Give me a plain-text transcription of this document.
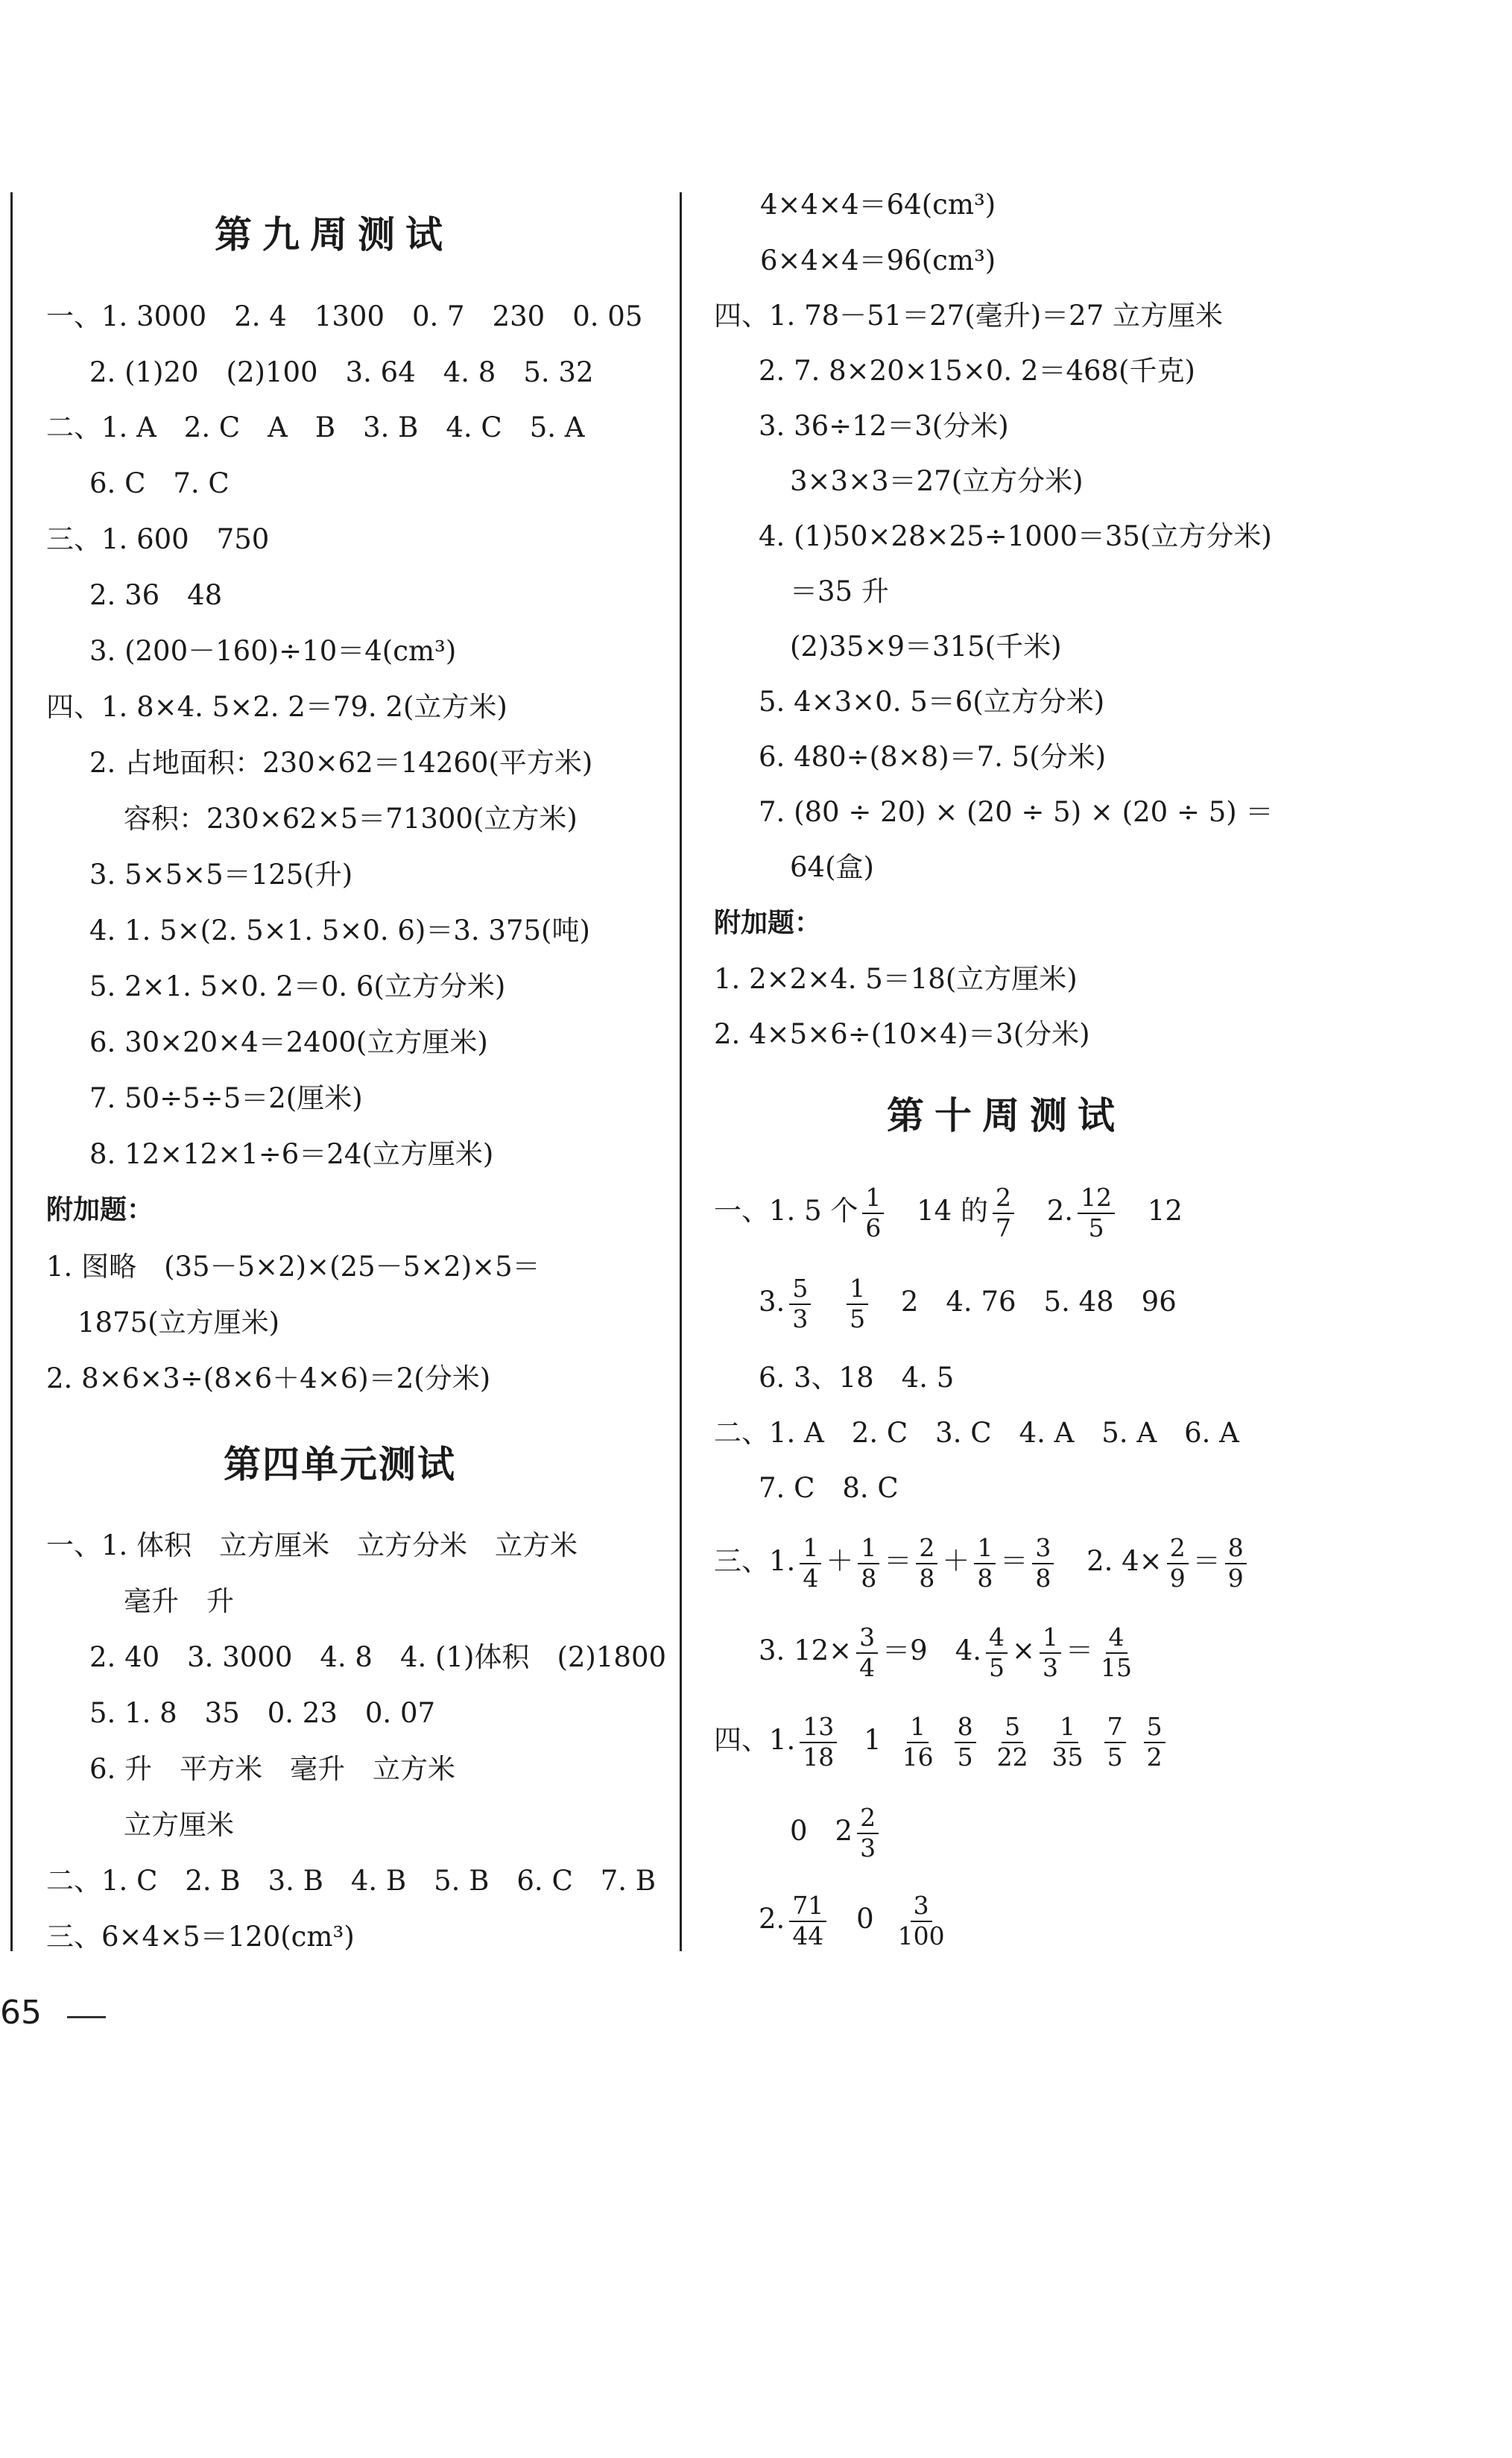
第九周测试
一、1. 3000　2. 4　1300　0. 7　230　0. 05
2. (1)20　(2)100　3. 64　4. 8　5. 32
二、1. A　2. C　A　B　3. B　4. C　5. A
6. C　7. C
三、1. 600　750
2. 36　48
3. (200－160)÷10＝4(cm³)
四、1. 8×4. 5×2. 2＝79. 2(立方米)
2. 占地面积：230×62＝14260(平方米)
容积：230×62×5＝71300(立方米)
3. 5×5×5＝125(升)
4. 1. 5×(2. 5×1. 5×0. 6)＝3. 375(吨)
5. 2×1. 5×0. 2＝0. 6(立方分米)
6. 30×20×4＝2400(立方厘米)
7. 50÷5÷5＝2(厘米)
8. 12×12×1÷6＝24(立方厘米)
附加题：
1. 图略　(35－5×2)×(25－5×2)×5＝
1875(立方厘米)
2. 8×6×3÷(8×6＋4×6)＝2(分米)
第四单元测试
一、1. 体积　立方厘米　立方分米　立方米
毫升　升
2. 40　3. 3000　4. 8　4. (1)体积　(2)1800
5. 1. 8　35　0. 23　0. 07
6. 升　平方米　毫升　立方米
立方厘米
二、1. C　2. B　3. B　4. B　5. B　6. C　7. B
三、6×4×5＝120(cm³)
4×4×4＝64(cm³)
6×4×4＝96(cm³)
四、1. 78－51＝27(毫升)＝27 立方厘米
2. 7. 8×20×15×0. 2＝468(千克)
3. 36÷12＝3(分米)
3×3×3＝27(立方分米)
4. (1)50×28×25÷1000＝35(立方分米)
＝35 升
(2)35×9＝315(千米)
5. 4×3×0. 5＝6(立方分米)
6. 480÷(8×8)＝7. 5(分米)
7. (80 ÷ 20) × (20 ÷ 5) × (20 ÷ 5) ＝
64(盒)
附加题：
1. 2×2×4. 5＝18(立方厘米)
2. 4×5×6÷(10×4)＝3(分米)
第十周测试
一、1. 5 个 $\frac{1}{6} 14$ 的 $\frac{2}{7} 2$. $\frac{12}{5} 12$
3. $\frac{5}{3}$
$\frac{1}{5} 2$　4. 76　5. 48　96
6. 3、18　4. 5
二、1. A　2. C　3. C　4. A　5. A　6. A
7. C　8. C
三、1. $\frac{1}{4} + \frac{1}{8} = \frac{2}{8} + \frac{1}{8} = \frac{3}{8} 2$. $4\times \frac{2}{9} = \frac{8}{9}$
3. $12\times \frac{3}{4} =9$　4. $\frac{4}{5} \times \frac{1}{3} = \frac{4}{15}$
四、1. $\frac{13}{18} 1 \frac{1}{16} \frac{8}{5} \frac{5}{22} \frac{1}{35} \frac{7}{5} \frac{5}{2}$
0　$2 \frac{2}{3}$
2. $\frac{71}{44} 0 \frac{3}{100}$
65
